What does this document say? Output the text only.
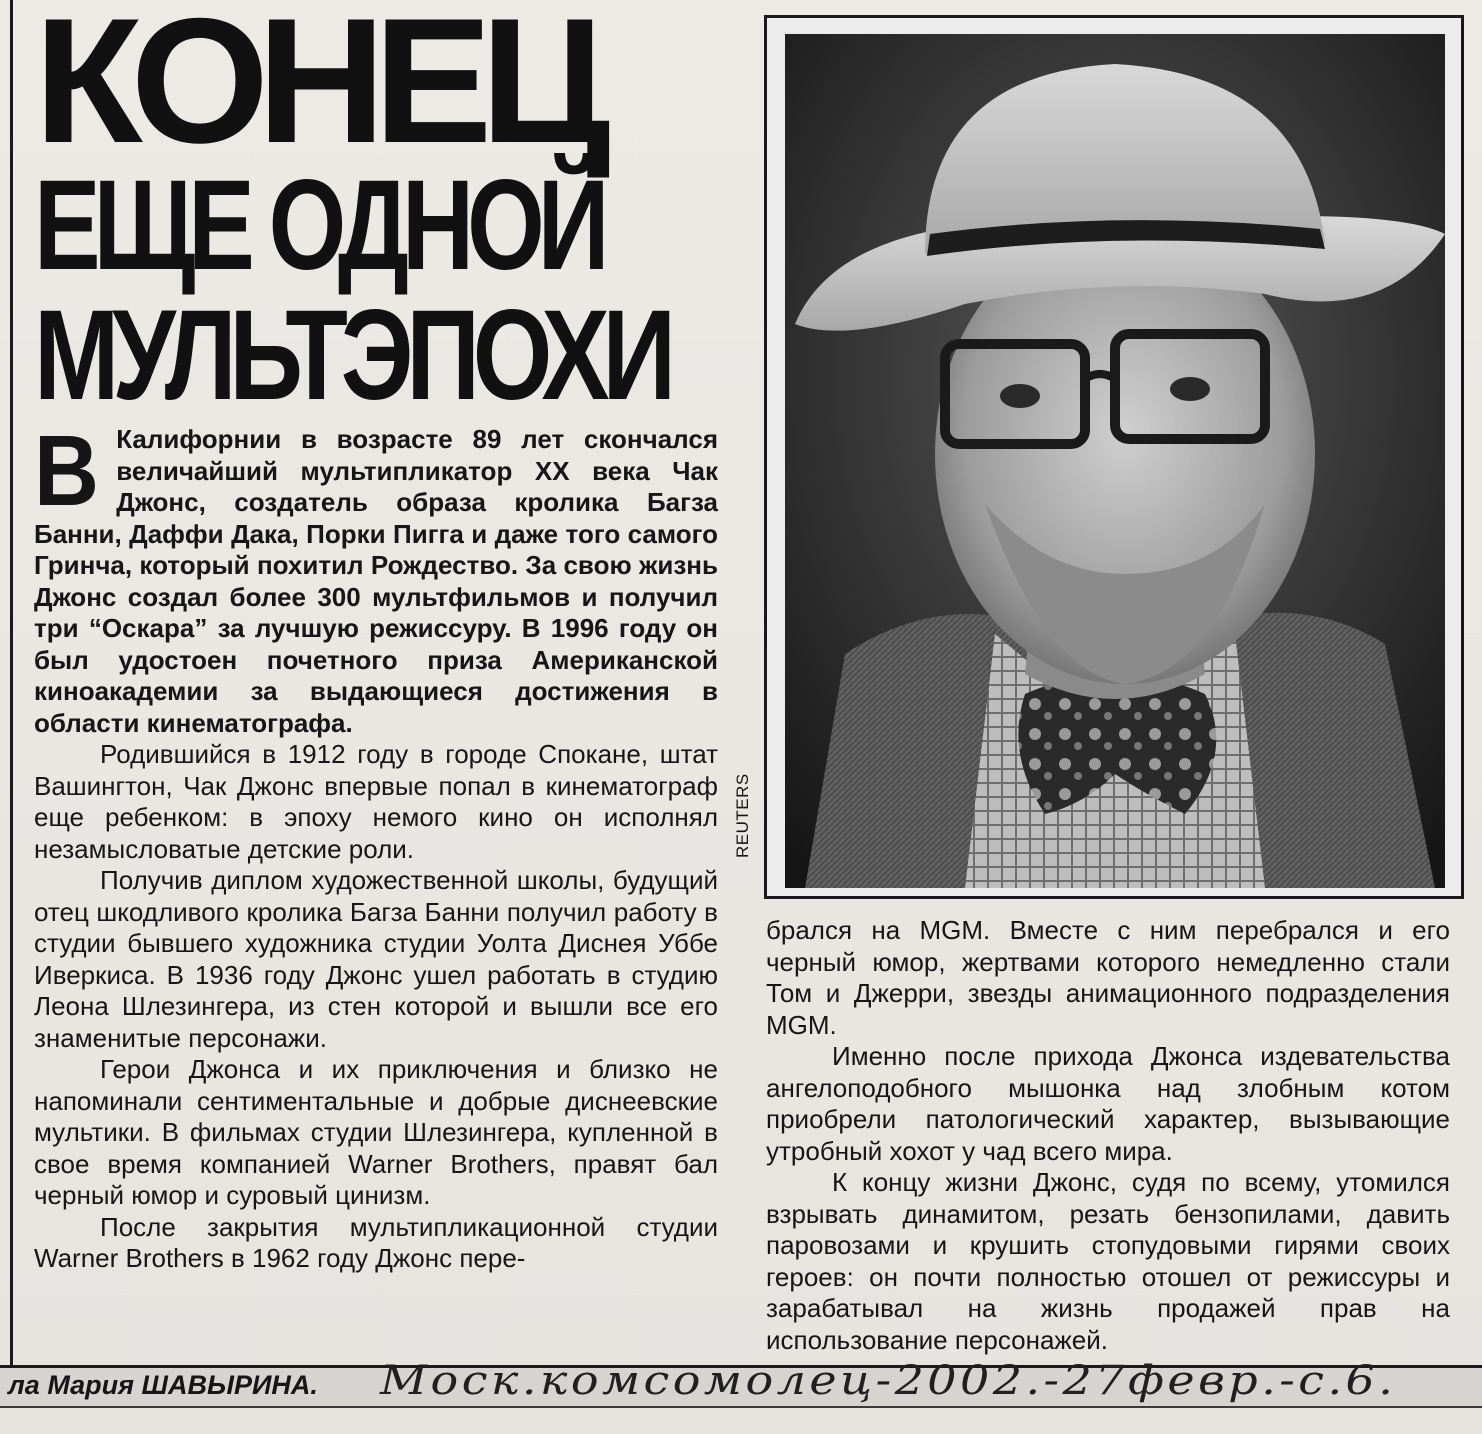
КОНЕЦ
ЕЩЕ ОДНОЙ
МУЛЬТЭПОХИ

В Калифорнии в возрасте 89 лет скончался величайший мультипликатор XX века Чак Джонс, создатель образа кролика Багза Банни, Даффи Дака, Порки Пигга и даже того самого Гринча, который похитил Рождество. За свою жизнь Джонс создал более 300 мультфильмов и получил три “Оскара” за лучшую режиссуру. В 1996 году он был удостоен почетного приза Американской киноакадемии за выдающиеся достижения в области кинематографа.

Родившийся в 1912 году в городе Спокане, штат Вашингтон, Чак Джонс впервые попал в кинематограф еще ребенком: в эпоху немого кино он исполнял незамысловатые детские роли.

Получив диплом художественной школы, будущий отец шкодливого кролика Багза Банни получил работу в студии бывшего художника студии Уолта Диснея Уббе Иверкиса. В 1936 году Джонс ушел работать в студию Леона Шлезингера, из стен которой и вышли все его знаменитые персонажи.

Герои Джонса и их приключения и близко не напоминали сентиментальные и добрые диснеевские мультики. В фильмах студии Шлезингера, купленной в свое время компанией Warner Brothers, правят бал черный юмор и суровый цинизм.

После закрытия мультипликационной студии Warner Brothers в 1962 году Джонс пере-

REUTERS

брался на MGM. Вместе с ним перебрался и его черный юмор, жертвами которого немедленно стали Том и Джерри, звезды анимационного подразделения MGM.

Именно после прихода Джонса издевательства ангелоподобного мышонка над злобным котом приобрели патологический характер, вызывающие утробный хохот у чад всего мира.

К концу жизни Джонс, судя по всему, утомился взрывать динамитом, резать бензопилами, давить паровозами и крушить стопудовыми гирями своих героев: он почти полностью отошел от режиссуры и зарабатывал на жизнь продажей прав на использование персонажей.

ла Мария ШАВЫРИНА. Моск.комсомолец-2002.-27февр.-с.6.
